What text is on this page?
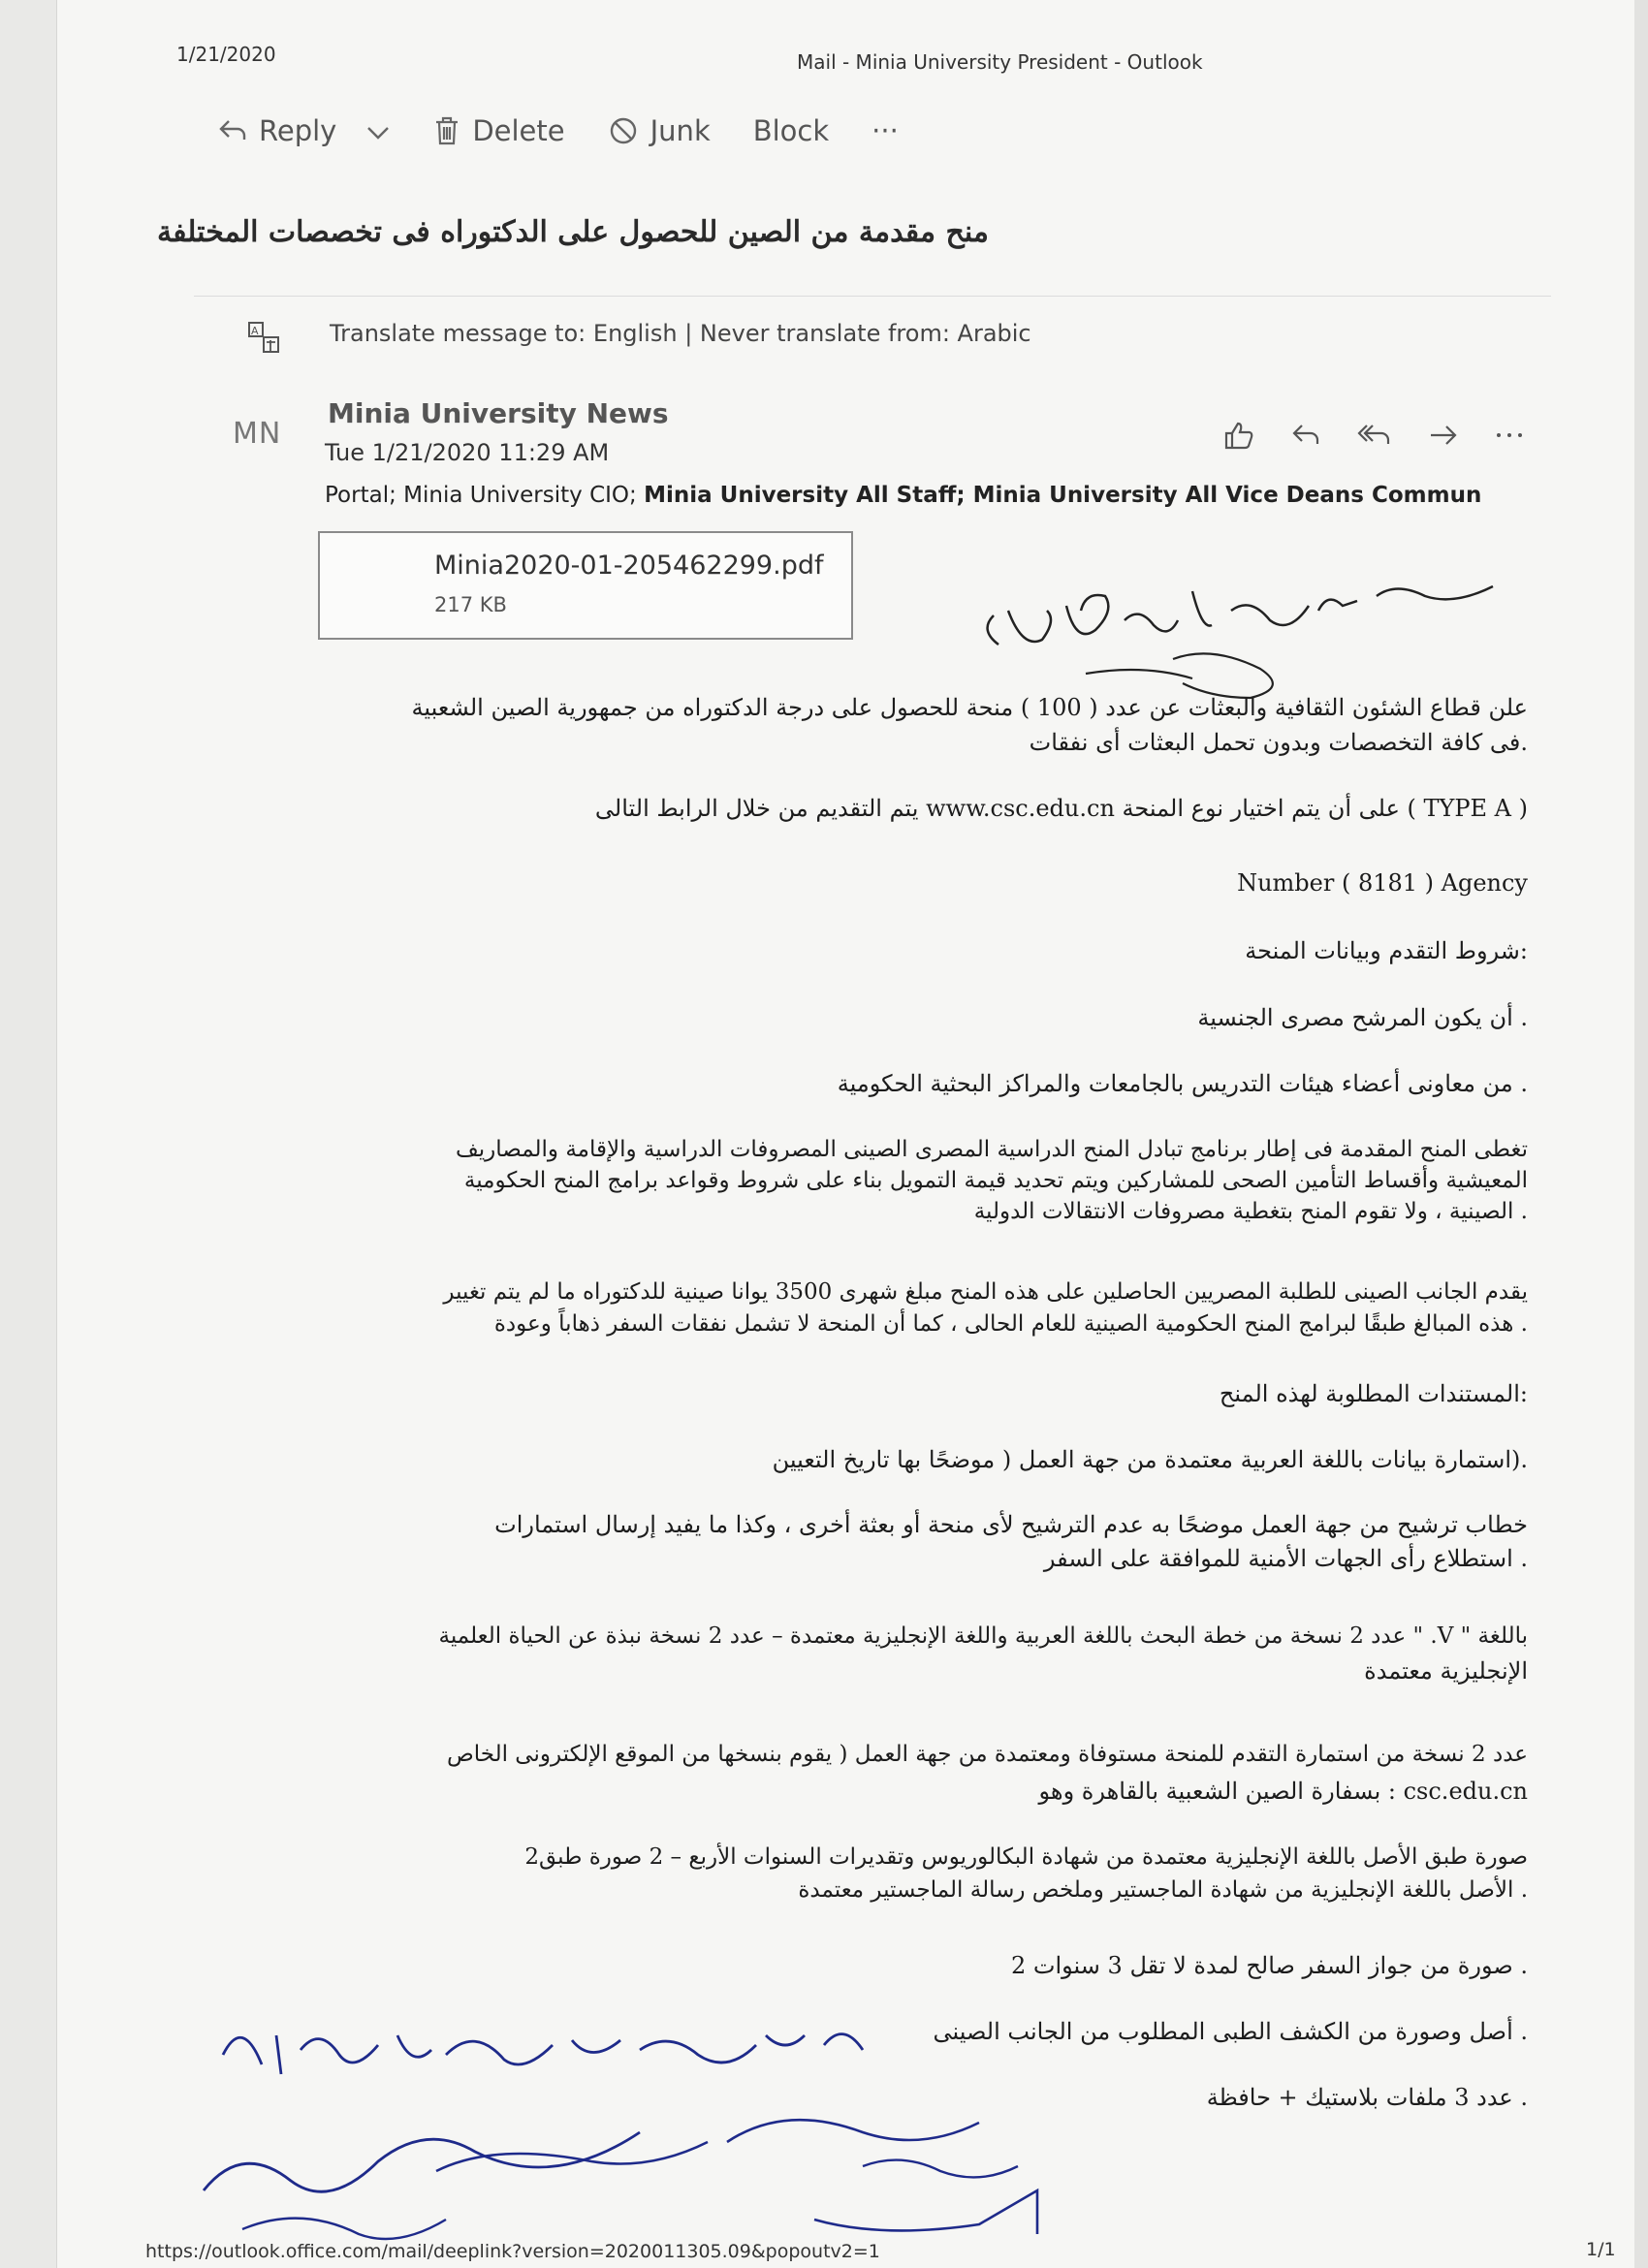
1/21/2020	Mail - Minia University President - Outlook
Reply	Delete	Junk Block ···
منح مقدمة من الصين للحصول على الدكتوراه فى تخصصات المختلفة
A	Translate message to: English | Never translate from: Arabic
MN
Minia University News
Tue 1/21/2020 11:29 AM
Portal; Minia University CIO; Minia University All Staff; Minia University All Vice Deans Commun
Minia2020-01-205462299.pdf
217 KB
علن قطاع الشئون الثقافية والبعثات عن عدد ( 100 ) منحة للحصول على درجة الدكتوراه من جمهورية الصين الشعبية
.فى كافة التخصصات وبدون تحمل البعثات أى نفقات
( TYPE A ) على أن يتم اختيار نوع المنحة www.csc.edu.cn يتم التقديم من خلال الرابط التالى
Number ( 8181 ) Agency
:شروط التقدم وبيانات المنحة
. أن يكون المرشح مصرى الجنسية
. من معاونى أعضاء هيئات التدريس بالجامعات والمراكز البحثية الحكومية
تغطى المنح المقدمة فى إطار برنامج تبادل المنح الدراسية المصرى الصينى المصروفات الدراسية والإقامة والمصاريف
المعيشية وأقساط التأمين الصحى للمشاركين ويتم تحديد قيمة التمويل بناء على شروط وقواعد برامج المنح الحكومية
. الصينية ، ولا تقوم المنح بتغطية مصروفات الانتقالات الدولية
يقدم الجانب الصينى للطلبة المصريين الحاصلين على هذه المنح مبلغ شهرى 3500 يوانا صينية للدكتوراه ما لم يتم تغيير
. هذه المبالغ طبقًا لبرامج المنح الحكومية الصينية للعام الحالى ، كما أن المنحة لا تشمل نفقات السفر ذهاباً وعودة
:المستندات المطلوبة لهذه المنح
.(استمارة بيانات باللغة العربية معتمدة من جهة العمل ( موضحًا بها تاريخ التعيين
خطاب ترشيح من جهة العمل موضحًا به عدم الترشيح لأى منحة أو بعثة أخرى ، وكذا ما يفيد إرسال استمارات
. استطلاع رأى الجهات الأمنية للموافقة على السفر
باللغة " V. " عدد 2 نسخة من خطة البحث باللغة العربية واللغة الإنجليزية معتمدة – عدد 2 نسخة نبذة عن الحياة العلمية
الإنجليزية معتمدة
عدد 2 نسخة من استمارة التقدم للمنحة مستوفاة ومعتمدة من جهة العمل ( يقوم بنسخها من الموقع الإلكترونى الخاص
csc.edu.cn : بسفارة الصين الشعبية بالقاهرة وهو
صورة طبق الأصل باللغة الإنجليزية معتمدة من شهادة البكالوريوس وتقديرات السنوات الأربع – 2 صورة طبق2
. الأصل باللغة الإنجليزية من شهادة الماجستير وملخص رسالة الماجستير معتمدة
. صورة من جواز السفر صالح لمدة لا تقل 3 سنوات 2
. أصل وصورة من الكشف الطبى المطلوب من الجانب الصينى
. عدد 3 ملفات بلاستيك + حافظة
https://outlook.office.com/mail/deeplink?version=2020011305.09&popoutv2=1	1/1
